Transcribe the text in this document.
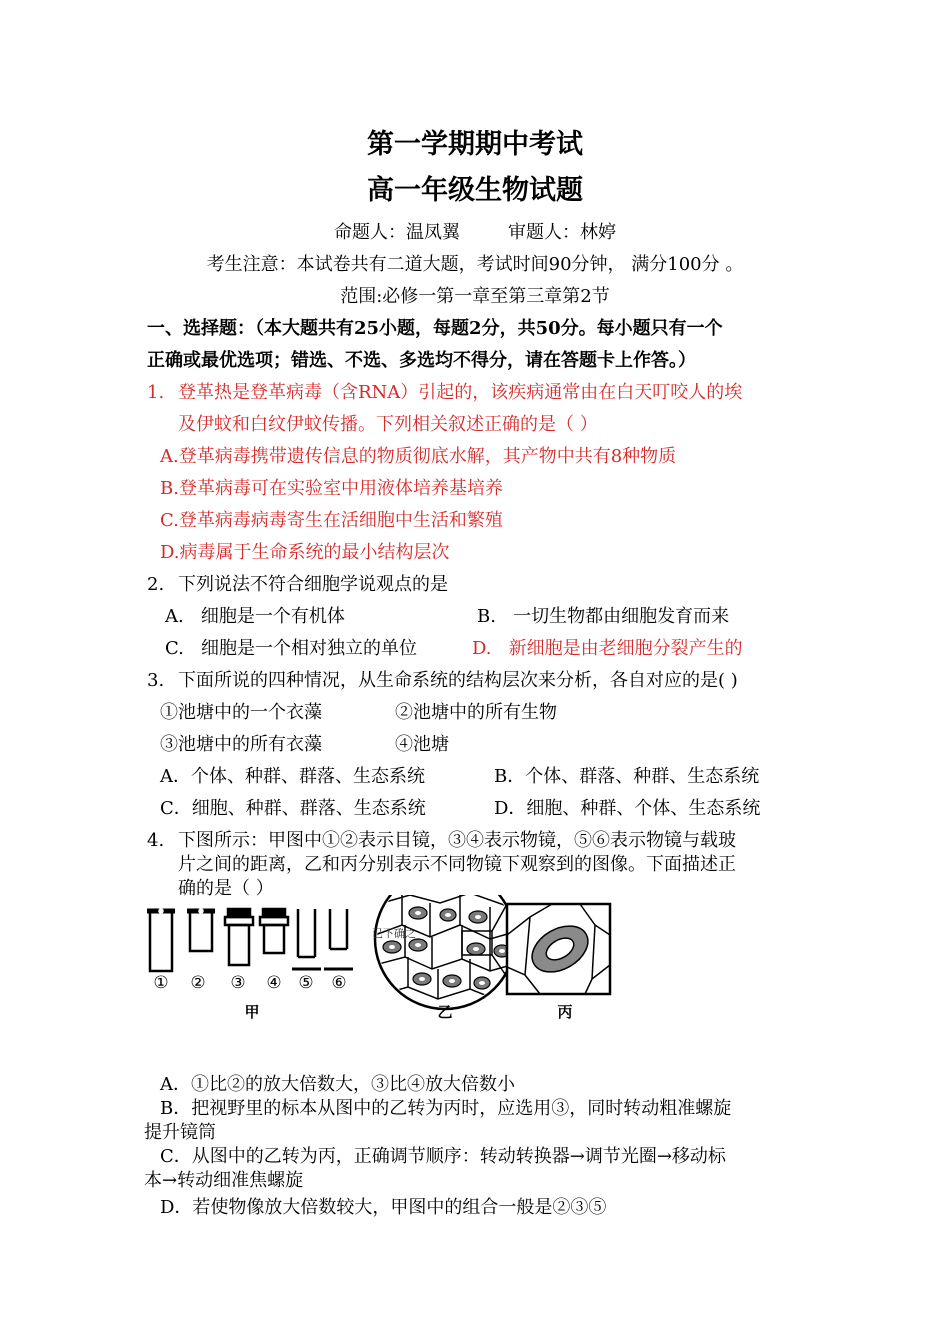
第一学期期中考试
高一年级生物试题
命题人：温凤翼	审题人：林婷
考生注意：本试卷共有二道大题，考试时间90分钟， 满分100分 。
范围:必修一第一章至第三章第2节
一、选择题：（本大题共有25小题，每题2分，共50分。每小题只有一个
正确或最优选项；错选、不选、多选均不得分，请在答题卡上作答。）
1. 登革热是登革病毒（含RNA）引起的，该疾病通常由在白天叮咬人的埃
及伊蚊和白纹伊蚊传播。下列相关叙述正确的是（ ）
A.登革病毒携带遗传信息的物质彻底水解，其产物中共有8种物质
B.登革病毒可在实验室中用液体培养基培养
C.登革病毒病毒寄生在活细胞中生活和繁殖
D.病毒属于生命系统的最小结构层次
2. 下列说法不符合细胞学说观点的是
A.   细胞是一个有机体	B.   一切生物都由细胞发育而来
C.   细胞是一个相对独立的单位	D.   新细胞是由老细胞分裂产生的
3. 下面所说的四种情况，从生命系统的结构层次来分析，各自对应的是( )
①池塘中的一个衣藻	②池塘中的所有生物
③池塘中的所有衣藻	④池塘
A．个体、种群、群落、生态系统	B．个体、群落、种群、生态系统
C．细胞、种群、群落、生态系统	D．细胞、种群、个体、生态系统
4. 下图所示：甲图中①②表示目镜，③④表示物镜，⑤⑥表示物镜与载玻
片之间的距离，乙和丙分别表示不同物镜下观察到的图像。下面描述正
确的是（ ）
① ② ③ ④ ⑤ ⑥
甲
已下确之
乙	丙
A．①比②的放大倍数大，③比④放大倍数小
B．把视野里的标本从图中的乙转为丙时，应选用③，同时转动粗准螺旋
提升镜筒
C．从图中的乙转为丙，正确调节顺序：转动转换器→调节光圈→移动标
本→转动细准焦螺旋
D．若使物像放大倍数较大，甲图中的组合一般是②③⑤
